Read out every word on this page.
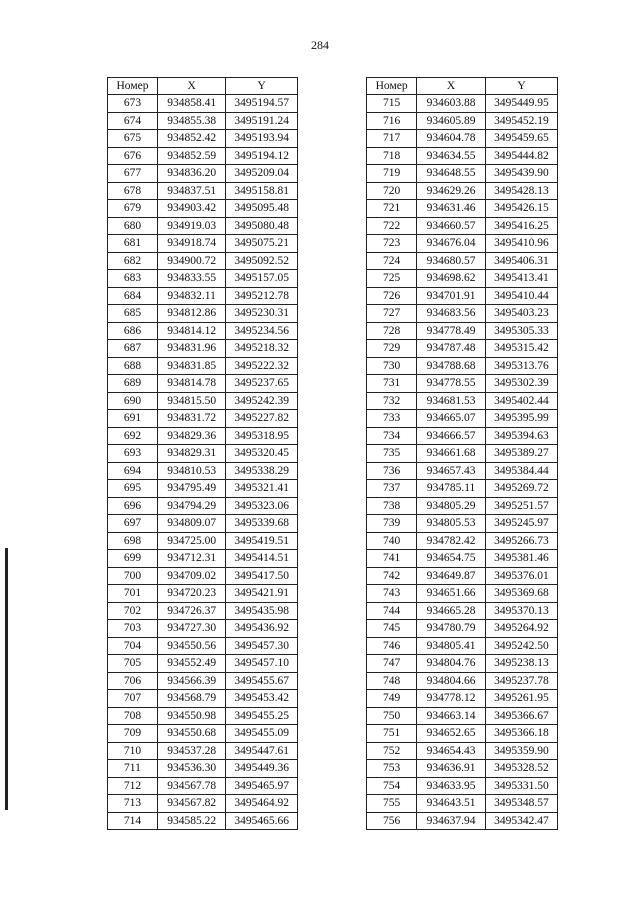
284
Номер	X	Y
673	934858.41	3495194.57
674	934855.38	3495191.24
675	934852.42	3495193.94
676	934852.59	3495194.12
677	934836.20	3495209.04
678	934837.51	3495158.81
679	934903.42	3495095.48
680	934919.03	3495080.48
681	934918.74	3495075.21
682	934900.72	3495092.52
683	934833.55	3495157.05
684	934832.11	3495212.78
685	934812.86	3495230.31
686	934814.12	3495234.56
687	934831.96	3495218.32
688	934831.85	3495222.32
689	934814.78	3495237.65
690	934815.50	3495242.39
691	934831.72	3495227.82
692	934829.36	3495318.95
693	934829.31	3495320.45
694	934810.53	3495338.29
695	934795.49	3495321.41
696	934794.29	3495323.06
697	934809.07	3495339.68
698	934725.00	3495419.51
699	934712.31	3495414.51
700	934709.02	3495417.50
701	934720.23	3495421.91
702	934726.37	3495435.98
703	934727.30	3495436.92
704	934550.56	3495457.30
705	934552.49	3495457.10
706	934566.39	3495455.67
707	934568.79	3495453.42
708	934550.98	3495455.25
709	934550.68	3495455.09
710	934537.28	3495447.61
711	934536.30	3495449.36
712	934567.78	3495465.97
713	934567.82	3495464.92
714	934585.22	3495465.66
Номер	X	Y
715	934603.88	3495449.95
716	934605.89	3495452.19
717	934604.78	3495459.65
718	934634.55	3495444.82
719	934648.55	3495439.90
720	934629.26	3495428.13
721	934631.46	3495426.15
722	934660.57	3495416.25
723	934676.04	3495410.96
724	934680.57	3495406.31
725	934698.62	3495413.41
726	934701.91	3495410.44
727	934683.56	3495403.23
728	934778.49	3495305.33
729	934787.48	3495315.42
730	934788.68	3495313.76
731	934778.55	3495302.39
732	934681.53	3495402.44
733	934665.07	3495395.99
734	934666.57	3495394.63
735	934661.68	3495389.27
736	934657.43	3495384.44
737	934785.11	3495269.72
738	934805.29	3495251.57
739	934805.53	3495245.97
740	934782.42	3495266.73
741	934654.75	3495381.46
742	934649.87	3495376.01
743	934651.66	3495369.68
744	934665.28	3495370.13
745	934780.79	3495264.92
746	934805.41	3495242.50
747	934804.76	3495238.13
748	934804.66	3495237.78
749	934778.12	3495261.95
750	934663.14	3495366.67
751	934652.65	3495366.18
752	934654.43	3495359.90
753	934636.91	3495328.52
754	934633.95	3495331.50
755	934643.51	3495348.57
756	934637.94	3495342.47
